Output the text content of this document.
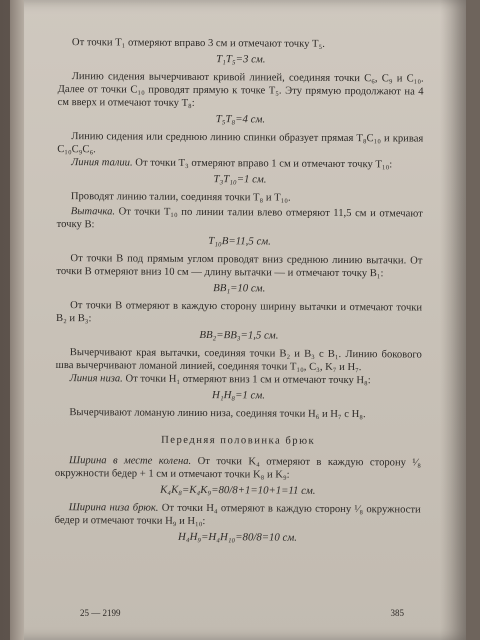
От точки T₁ отмеряют вправо 3 см и отмечают точку T₅.

T₁T₅=3 см.

Линию сидения вычерчивают кривой линией, соединяя точки C₆, C₉ и C₁₀. Далее от точки C₁₀ проводят прямую к точке T₅. Эту прямую продолжают на 4 см вверх и отмечают точку T₈:

T₅T₈=4 см.

Линию сидения или среднюю линию спинки образует прямая T₈C₁₀ и кривая C₁₀C₉C₆.

Линия талии. От точки T₃ отмеряют вправо 1 см и отмечают точку T₁₀:

T₃T₁₀=1 см.

Проводят линию талии, соединяя точки T₈ и T₁₀.

Вытачка. От точки T₁₀ по линии талии влево отмеряют 11,5 см и отмечают точку B:

T₁₀B=11,5 см.

От точки B под прямым углом проводят вниз среднюю линию вытачки. От точки B отмеряют вниз 10 см — длину вытачки — и отмечают точку B₁:

BB₁=10 см.

От точки B отмеряют в каждую сторону ширину вытачки и отмечают точки B₂ и B₃:

BB₂=BB₃=1,5 см.

Вычерчивают края вытачки, соединяя точки B₂ и B₃ с B₁. Линию бокового шва вычерчивают ломаной линией, соединяя точки T₁₀, C₃, K₇ и H₇.

Линия низа. От точки H₁ отмеряют вниз 1 см и отмечают точку H₈:

H₁H₈=1 см.

Вычерчивают ломаную линию низа, соединяя точки H₆ и H₇ с H₈.

Передняя половинка брюк

Ширина в месте колена. От точки K₄ отмеряют в каждую сторону ¹⁄₈ окружности бедер + 1 см и отмечают точки K₈ и K₉:

K₄K₈=K₄K₉=80/8+1=10+1=11 см.

Ширина низа брюк. От точки H₄ отмеряют в каждую сторону ¹⁄₈ окружности бедер и отмечают точки H₉ и H₁₀:

H₄H₉=H₄H₁₀=80/8=10 см.

25 — 2199	385
